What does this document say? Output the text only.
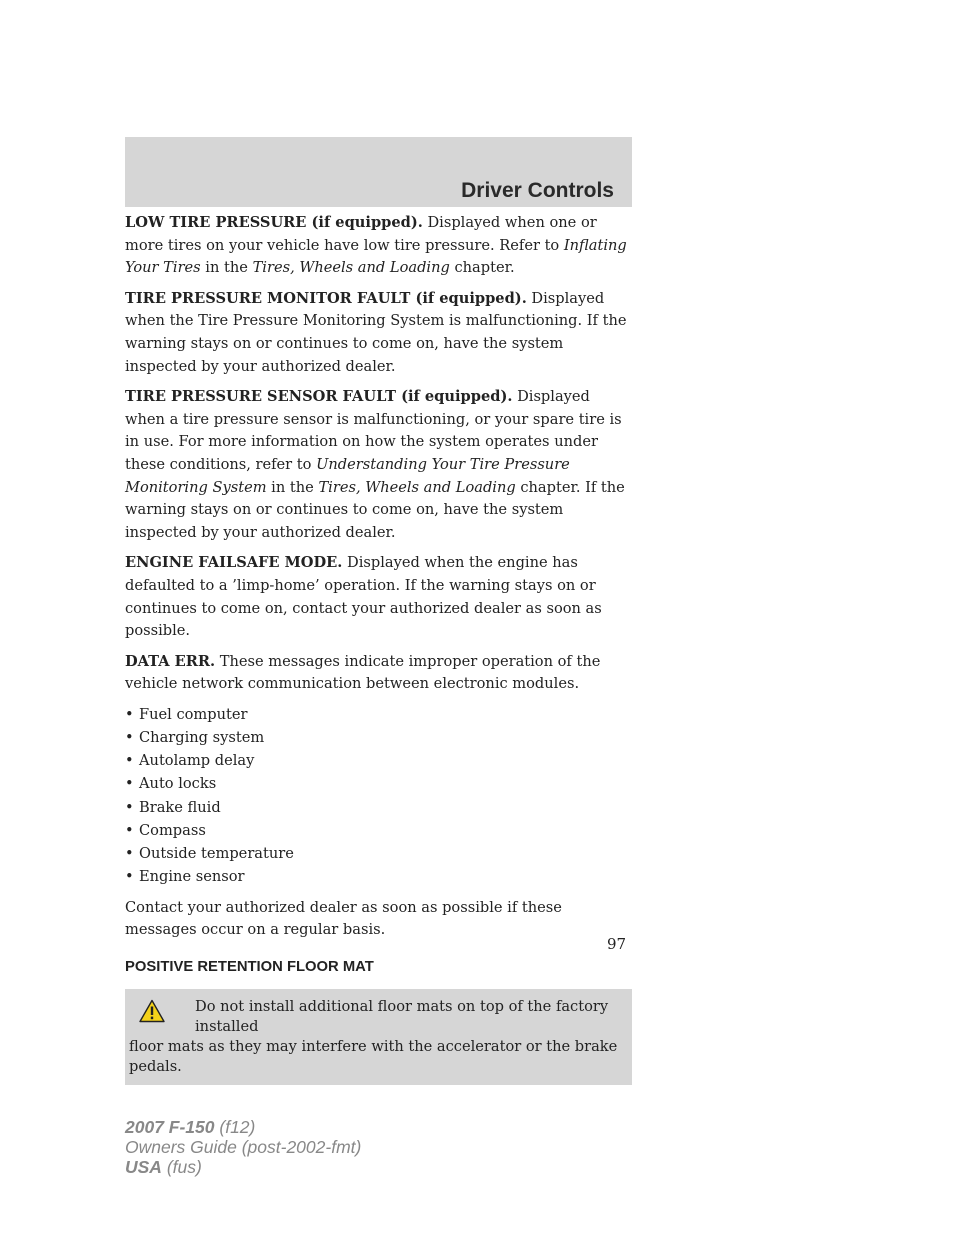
Driver Controls

LOW TIRE PRESSURE (if equipped). Displayed when one or more tires on your vehicle have low tire pressure. Refer to Inflating Your Tires in the Tires, Wheels and Loading chapter.

TIRE PRESSURE MONITOR FAULT (if equipped). Displayed when the Tire Pressure Monitoring System is malfunctioning. If the warning stays on or continues to come on, have the system inspected by your authorized dealer.

TIRE PRESSURE SENSOR FAULT (if equipped). Displayed when a tire pressure sensor is malfunctioning, or your spare tire is in use. For more information on how the system operates under these conditions, refer to Understanding Your Tire Pressure Monitoring System in the Tires, Wheels and Loading chapter. If the warning stays on or continues to come on, have the system inspected by your authorized dealer.

ENGINE FAILSAFE MODE. Displayed when the engine has defaulted to a ’limp-home’ operation. If the warning stays on or continues to come on, contact your authorized dealer as soon as possible.

DATA ERR. These messages indicate improper operation of the vehicle network communication between electronic modules.

• Fuel computer
• Charging system
• Autolamp delay
• Auto locks
• Brake fluid
• Compass
• Outside temperature
• Engine sensor

Contact your authorized dealer as soon as possible if these messages occur on a regular basis.

POSITIVE RETENTION FLOOR MAT
Do not install additional floor mats on top of the factory installed
floor mats as they may interfere with the accelerator or the brake pedals.
97
2007 F-150 (f12)
Owners Guide (post-2002-fmt)
USA (fus)
